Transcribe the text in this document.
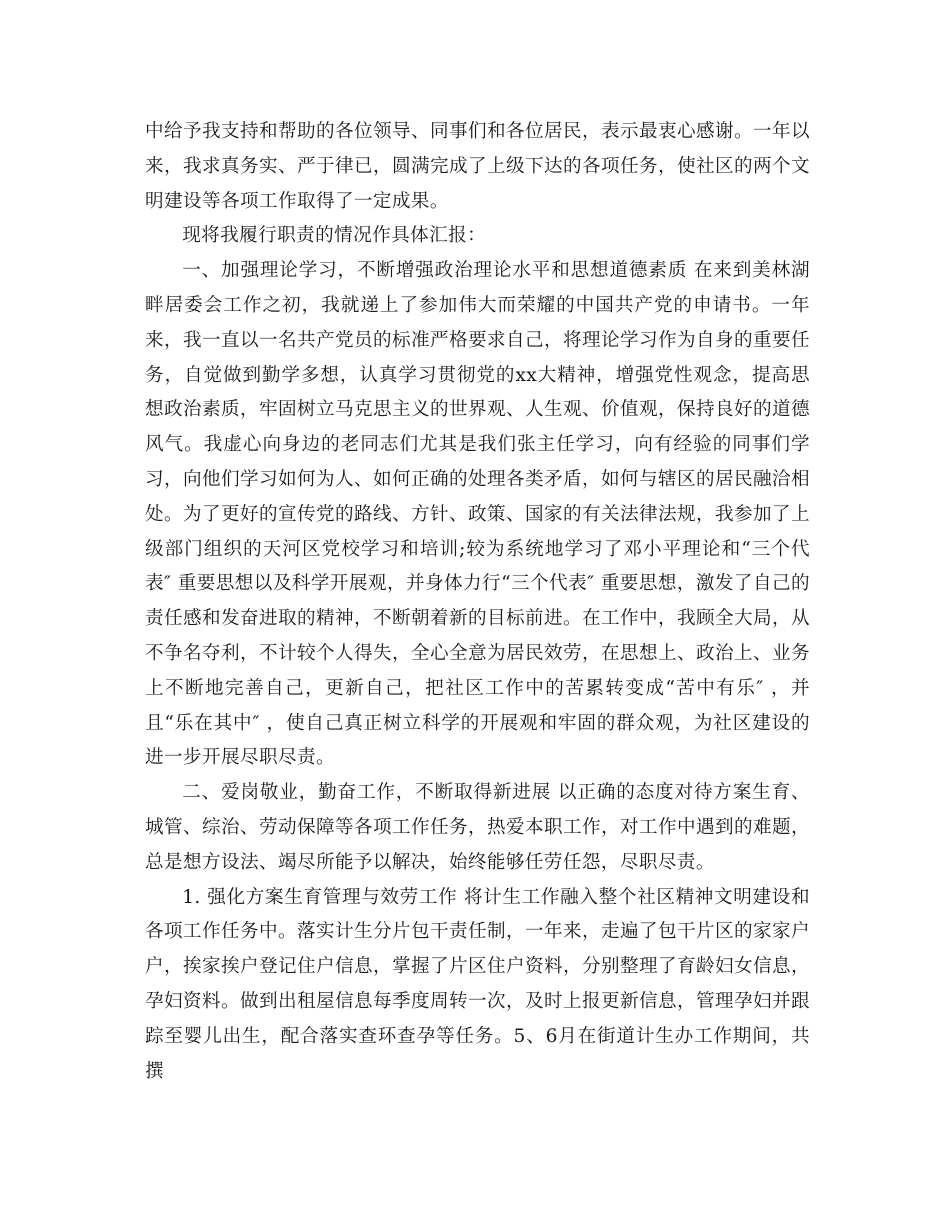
中给予我支持和帮助的各位领导、同事们和各位居民，表示最衷心感谢。一年以来，我求真务实、严于律已，圆满完成了上级下达的各项任务，使社区的两个文明建设等各项工作取得了一定成果。

现将我履行职责的情况作具体汇报：

一、加强理论学习，不断增强政治理论水平和思想道德素质 在来到美林湖畔居委会工作之初，我就递上了参加伟大而荣耀的中国共产党的申请书。一年来，我一直以一名共产党员的标准严格要求自己，将理论学习作为自身的重要任务，自觉做到勤学多想，认真学习贯彻党的xx大精神，增强党性观念，提高思想政治素质，牢固树立马克思主义的世界观、人生观、价值观，保持良好的道德风气。我虚心向身边的老同志们尤其是我们张主任学习，向有经验的同事们学习，向他们学习如何为人、如何正确的处理各类矛盾，如何与辖区的居民融洽相处。为了更好的宣传党的路线、方针、政策、国家的有关法律法规，我参加了上级部门组织的天河区党校学习和培训;较为系统地学习了邓小平理论和“三个代表″ 重要思想以及科学开展观，并身体力行“三个代表″ 重要思想，激发了自己的责任感和发奋进取的精神，不断朝着新的目标前进。在工作中，我顾全大局，从不争名夺利，不计较个人得失，全心全意为居民效劳，在思想上、政治上、业务上不断地完善自己，更新自己，把社区工作中的苦累转变成“苦中有乐″ ，并且“乐在其中″ ，使自己真正树立科学的开展观和牢固的群众观，为社区建设的进一步开展尽职尽责。

二、爱岗敬业，勤奋工作，不断取得新进展 以正确的态度对待方案生育、城管、综治、劳动保障等各项工作任务，热爱本职工作，对工作中遇到的难题，总是想方设法、竭尽所能予以解决，始终能够任劳任怨，尽职尽责。

1. 强化方案生育管理与效劳工作 将计生工作融入整个社区精神文明建设和各项工作任务中。落实计生分片包干责任制，一年来，走遍了包干片区的家家户户，挨家挨户登记住户信息，掌握了片区住户资料，分别整理了育龄妇女信息，孕妇资料。做到出租屋信息每季度周转一次，及时上报更新信息，管理孕妇并跟踪至婴儿出生，配合落实查环查孕等任务。5、6月在街道计生办工作期间，共撰
